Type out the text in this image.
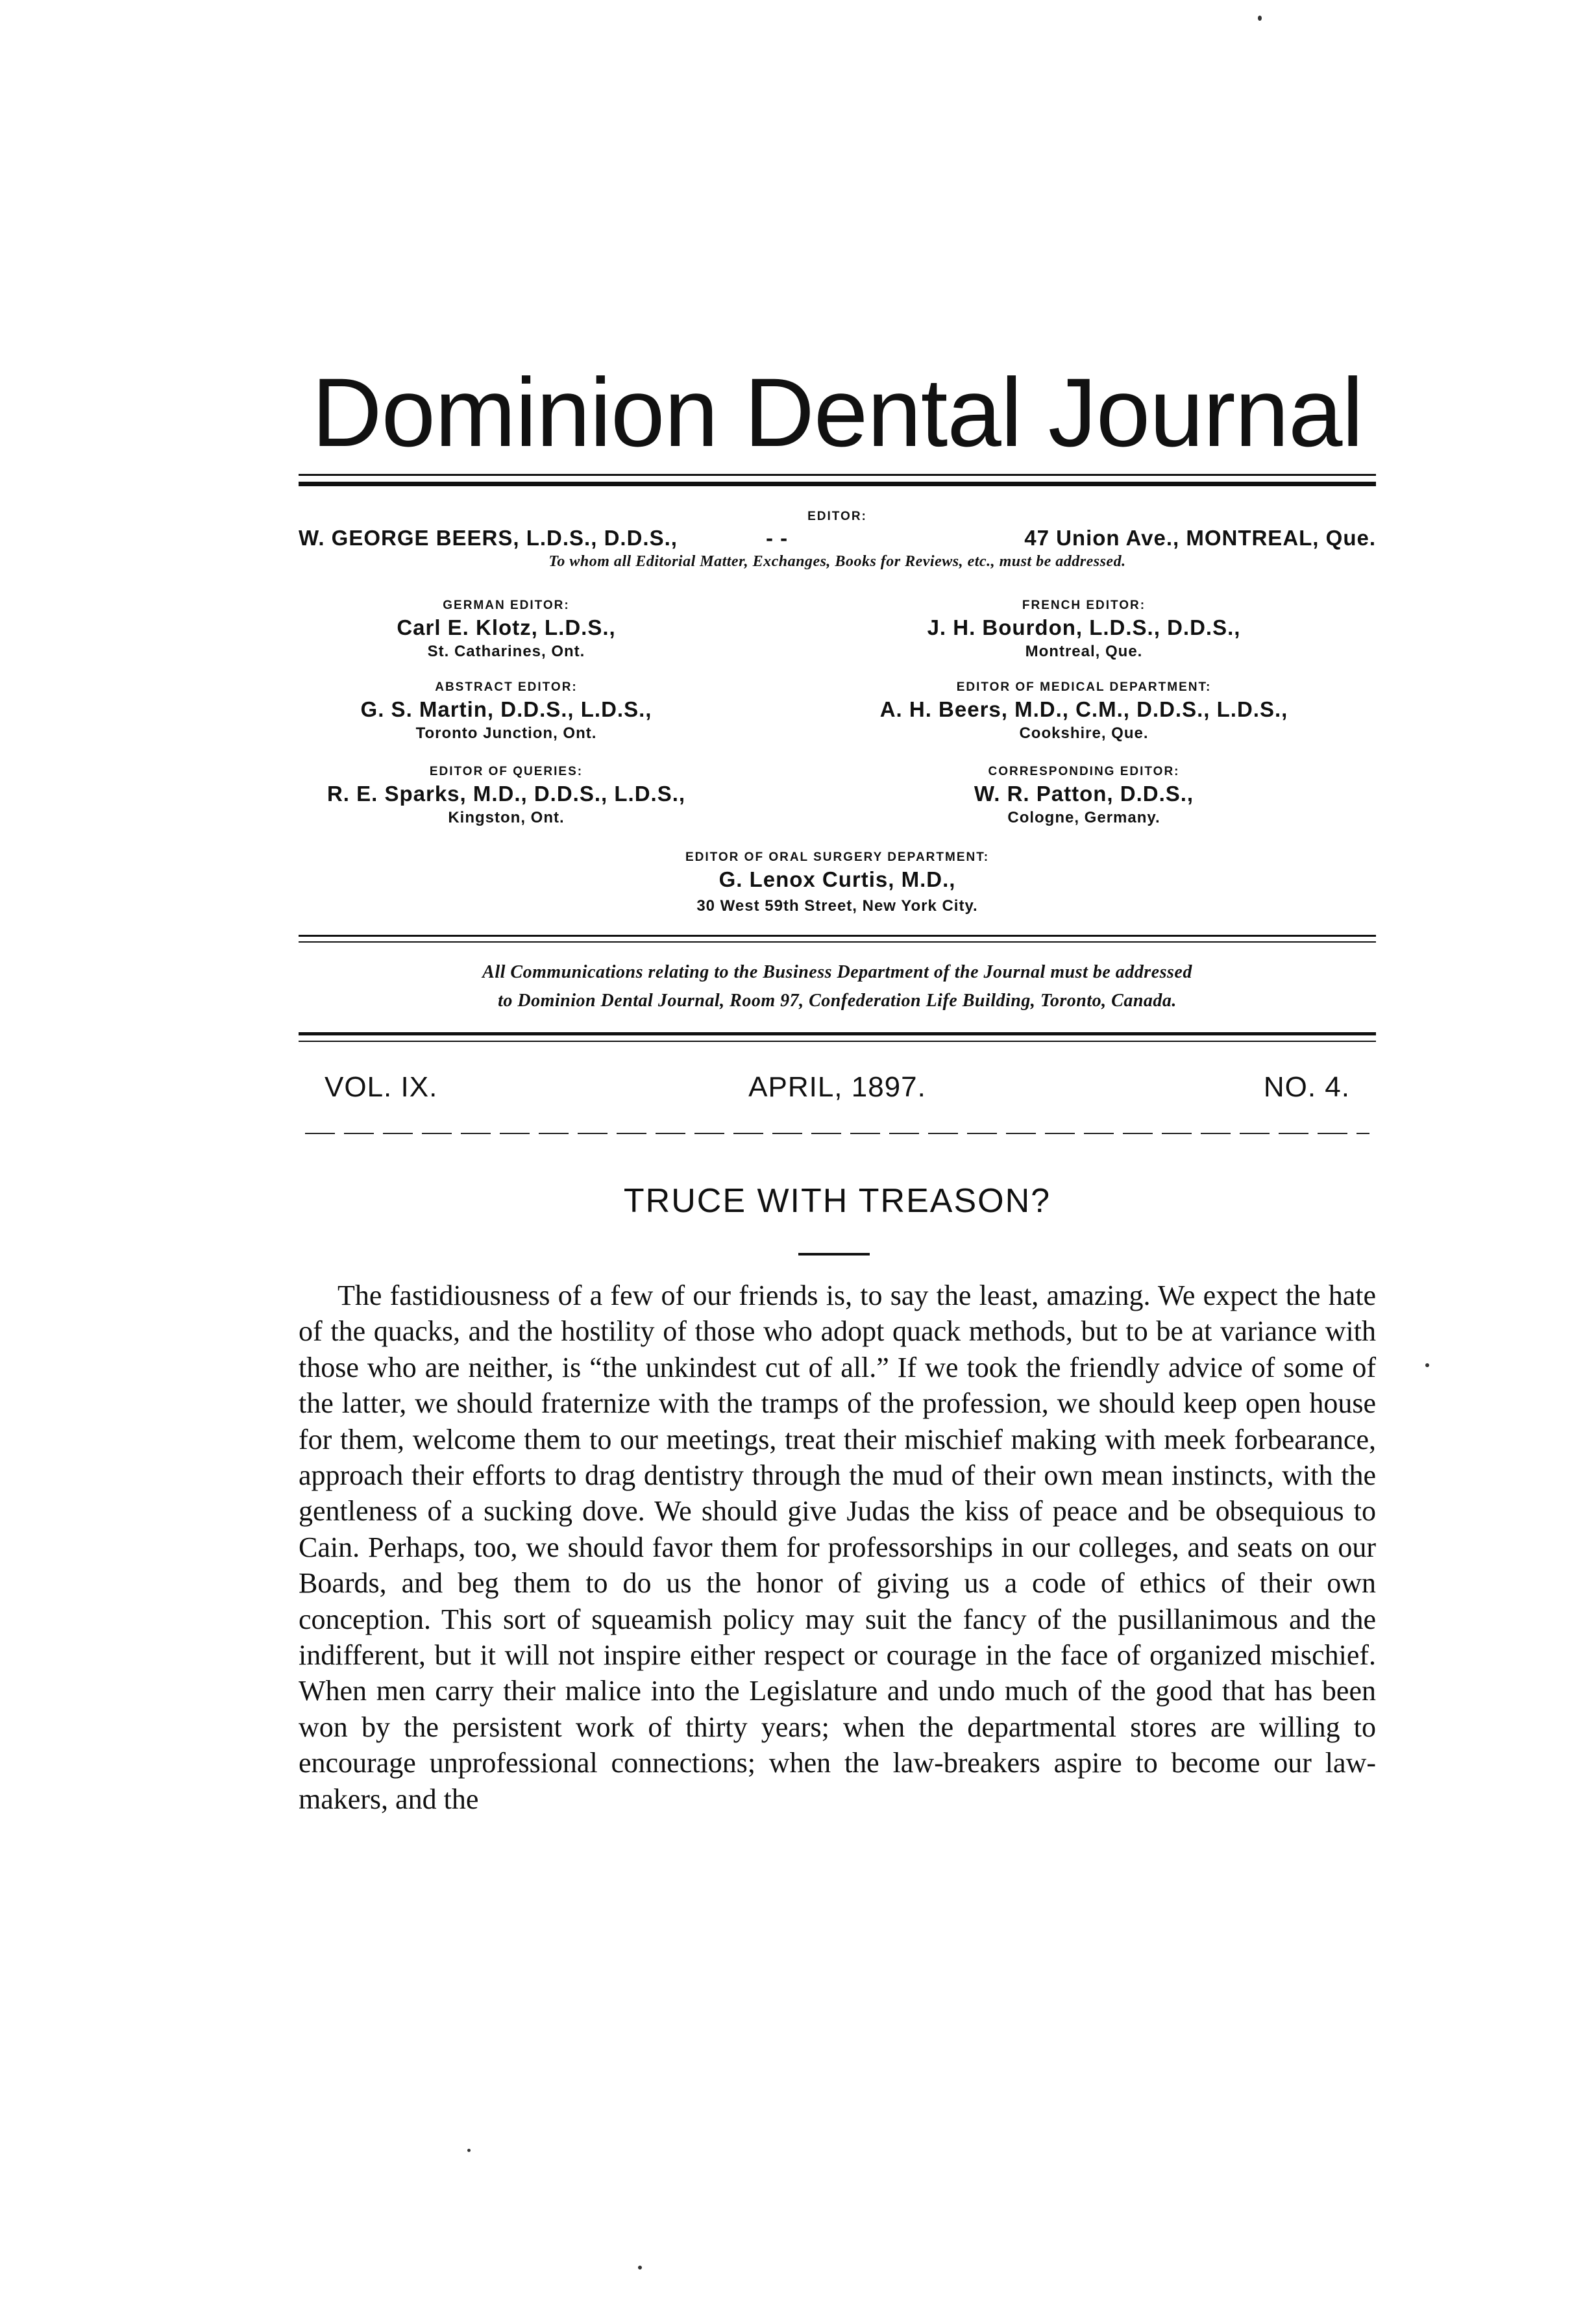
Dominion Dental Journal
EDITOR:
W. GEORGE BEERS, L.D.S., D.D.S.,	- -	47 Union Ave., MONTREAL, Que.
To whom all Editorial Matter, Exchanges, Books for Reviews, etc., must be addressed.
GERMAN EDITOR:
Carl E. Klotz, L.D.S.,
St. Catharines, Ont.
ABSTRACT EDITOR:
G. S. Martin, D.D.S., L.D.S.,
Toronto Junction, Ont.
EDITOR OF QUERIES:
R. E. Sparks, M.D., D.D.S., L.D.S.,
Kingston, Ont.
FRENCH EDITOR:
J. H. Bourdon, L.D.S., D.D.S.,
Montreal, Que.
EDITOR OF MEDICAL DEPARTMENT:
A. H. Beers, M.D., C.M., D.D.S., L.D.S.,
Cookshire, Que.
CORRESPONDING EDITOR:
W. R. Patton, D.D.S.,
Cologne, Germany.
EDITOR OF ORAL SURGERY DEPARTMENT:
G. Lenox Curtis, M.D.,
30 West 59th Street, New York City.
All Communications relating to the Business Department of the Journal must be addressed
to Dominion Dental Journal, Room 97, Confederation Life Building, Toronto, Canada.
VOL. IX.	APRIL, 1897.	NO. 4.
TRUCE WITH TREASON?

The fastidiousness of a few of our friends is, to say the least, amazing. We expect the hate of the quacks, and the hostility of those who adopt quack methods, but to be at variance with those who are neither, is “the unkindest cut of all.” If we took the friendly advice of some of the latter, we should fraternize with the tramps of the profession, we should keep open house for them, welcome them to our meetings, treat their mischief making with meek forbearance, approach their efforts to drag dentistry through the mud of their own mean instincts, with the gentleness of a sucking dove. We should give Judas the kiss of peace and be obsequious to Cain. Perhaps, too, we should favor them for professorships in our colleges, and seats on our Boards, and beg them to do us the honor of giving us a code of ethics of their own conception. This sort of squeamish policy may suit the fancy of the pusillanimous and the indifferent, but it will not inspire either respect or courage in the face of organized mischief. When men carry their malice into the Legislature and undo much of the good that has been won by the persistent work of thirty years; when the departmental stores are willing to encourage unprofessional connections; when the law-breakers aspire to become our law-makers, and the
